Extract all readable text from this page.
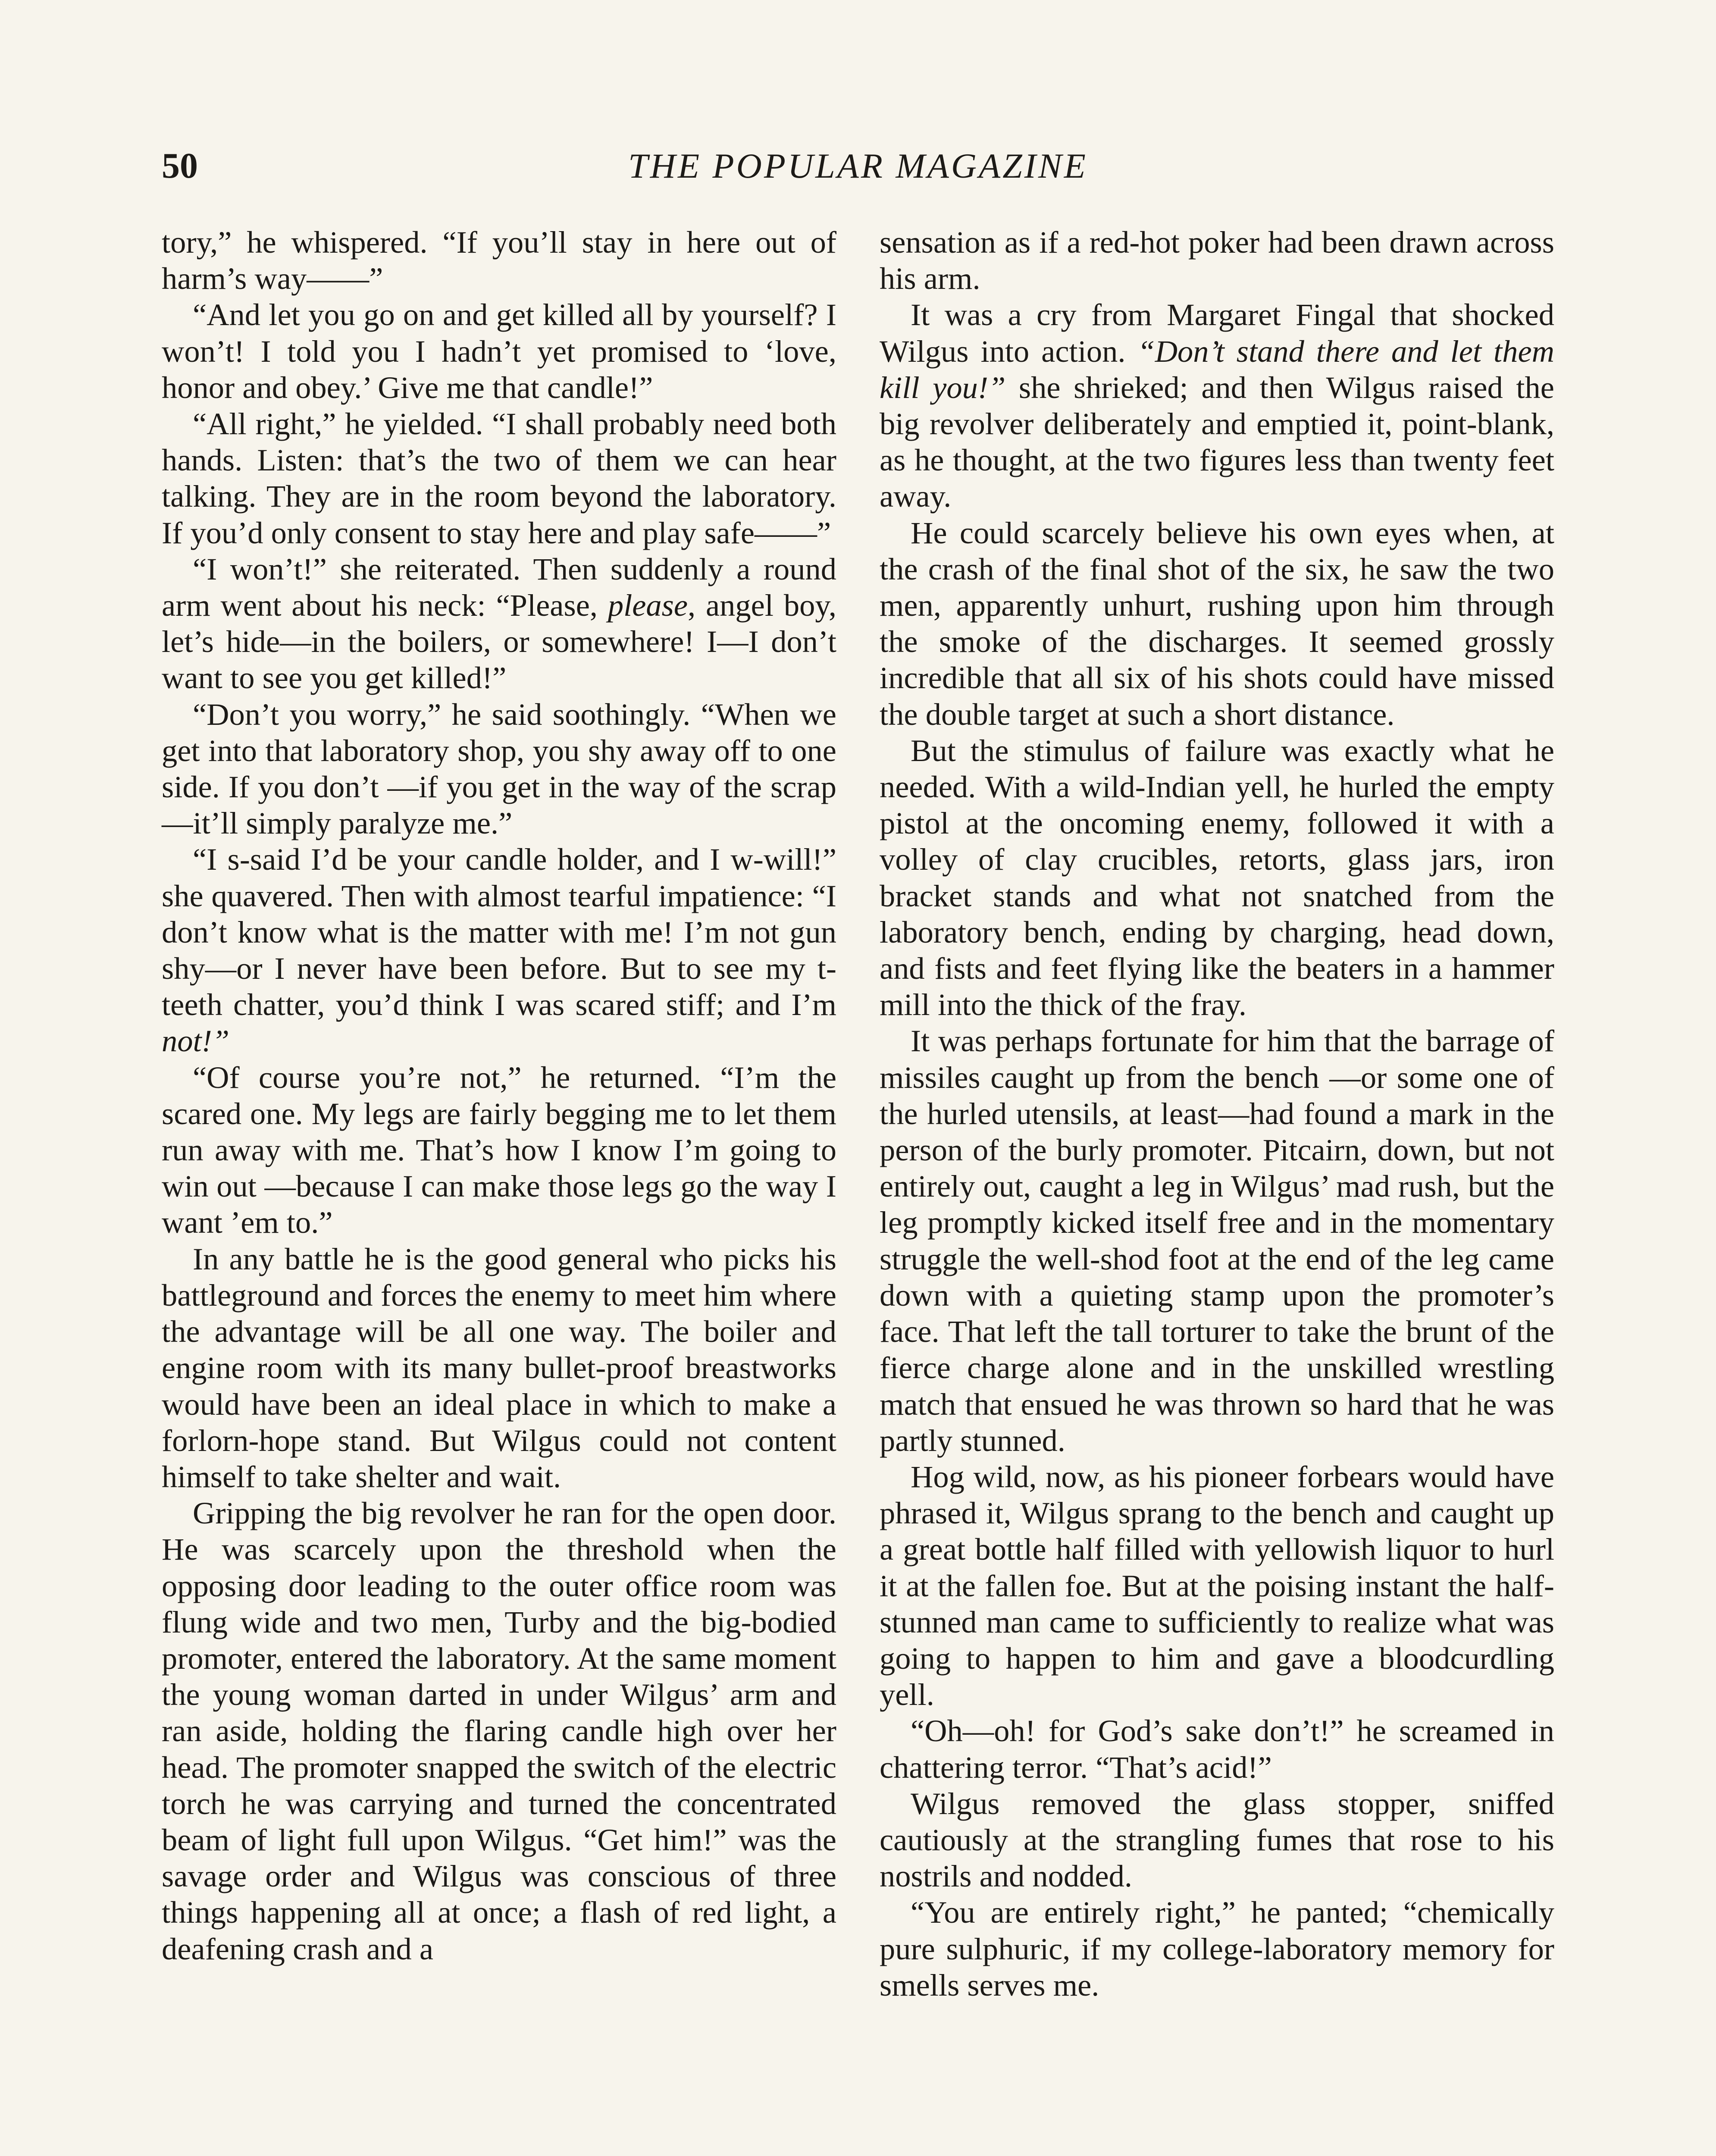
50	THE POPULAR MAGAZINE

tory,” he whispered. “If you’ll stay in here out of harm’s way——”

“And let you go on and get killed all by yourself? I won’t! I told you I hadn’t yet promised to ‘love, honor and obey.’ Give me that candle!”

“All right,” he yielded. “I shall probably need both hands. Listen: that’s the two of them we can hear talking. They are in the room beyond the laboratory. If you’d only consent to stay here and play safe——”

“I won’t!” she reiterated. Then suddenly a round arm went about his neck: “Please, please, angel boy, let’s hide—in the boilers, or somewhere! I—I don’t want to see you get killed!”

“Don’t you worry,” he said soothingly. “When we get into that laboratory shop, you shy away off to one side. If you don’t —if you get in the way of the scrap—it’ll simply paralyze me.”

“I s-said I’d be your candle holder, and I w-will!” she quavered. Then with almost tearful impatience: “I don’t know what is the matter with me! I’m not gun shy—or I never have been before. But to see my t-teeth chatter, you’d think I was scared stiff; and I’m not!”

“Of course you’re not,” he returned. “I’m the scared one. My legs are fairly begging me to let them run away with me. That’s how I know I’m going to win out —because I can make those legs go the way I want ’em to.”

In any battle he is the good general who picks his battleground and forces the enemy to meet him where the advantage will be all one way. The boiler and engine room with its many bullet-proof breastworks would have been an ideal place in which to make a forlorn-hope stand. But Wilgus could not content himself to take shelter and wait.

Gripping the big revolver he ran for the open door. He was scarcely upon the threshold when the opposing door leading to the outer office room was flung wide and two men, Turby and the big-bodied promoter, entered the laboratory. At the same moment the young woman darted in under Wilgus’ arm and ran aside, holding the flaring candle high over her head. The promoter snapped the switch of the electric torch he was carrying and turned the concentrated beam of light full upon Wilgus. “Get him!” was the savage order and Wilgus was conscious of three things happening all at once; a flash of red light, a deafening crash and a

sensation as if a red-hot poker had been drawn across his arm.

It was a cry from Margaret Fingal that shocked Wilgus into action. “Don’t stand there and let them kill you!” she shrieked; and then Wilgus raised the big revolver deliberately and emptied it, point-blank, as he thought, at the two figures less than twenty feet away.

He could scarcely believe his own eyes when, at the crash of the final shot of the six, he saw the two men, apparently unhurt, rushing upon him through the smoke of the discharges. It seemed grossly incredible that all six of his shots could have missed the double target at such a short distance.

But the stimulus of failure was exactly what he needed. With a wild-Indian yell, he hurled the empty pistol at the oncoming enemy, followed it with a volley of clay crucibles, retorts, glass jars, iron bracket stands and what not snatched from the laboratory bench, ending by charging, head down, and fists and feet flying like the beaters in a hammer mill into the thick of the fray.

It was perhaps fortunate for him that the barrage of missiles caught up from the bench —or some one of the hurled utensils, at least—had found a mark in the person of the burly promoter. Pitcairn, down, but not entirely out, caught a leg in Wilgus’ mad rush, but the leg promptly kicked itself free and in the momentary struggle the well-shod foot at the end of the leg came down with a quieting stamp upon the promoter’s face. That left the tall torturer to take the brunt of the fierce charge alone and in the unskilled wrestling match that ensued he was thrown so hard that he was partly stunned.

Hog wild, now, as his pioneer forbears would have phrased it, Wilgus sprang to the bench and caught up a great bottle half filled with yellowish liquor to hurl it at the fallen foe. But at the poising instant the half-stunned man came to sufficiently to realize what was going to happen to him and gave a bloodcurdling yell.

“Oh—oh! for God’s sake don’t!” he screamed in chattering terror. “That’s acid!”

Wilgus removed the glass stopper, sniffed cautiously at the strangling fumes that rose to his nostrils and nodded.

“You are entirely right,” he panted; “chemically pure sulphuric, if my college-laboratory memory for smells serves me.
